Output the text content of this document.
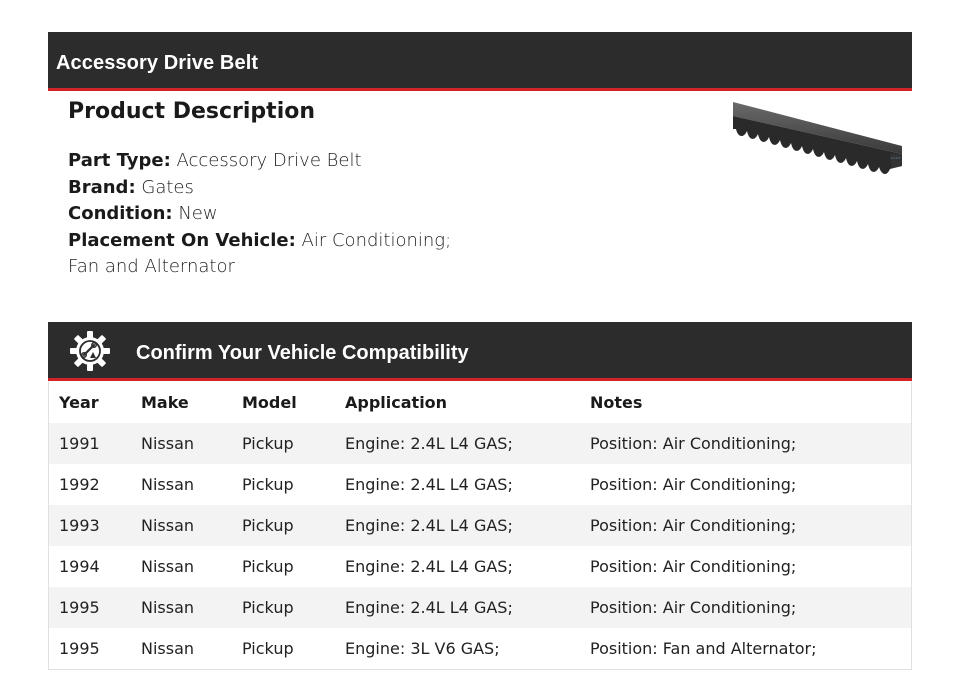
Accessory Drive Belt
Product Description
Part Type: Accessory Drive Belt
Brand: Gates
Condition: New
Placement On Vehicle: Air Conditioning;
Fan and Alternator
Confirm Your Vehicle Compatibility
Year	Make	Model	Application	Notes
1991	Nissan	Pickup	Engine: 2.4L L4 GAS;	Position: Air Conditioning;
1992	Nissan	Pickup	Engine: 2.4L L4 GAS;	Position: Air Conditioning;
1993	Nissan	Pickup	Engine: 2.4L L4 GAS;	Position: Air Conditioning;
1994	Nissan	Pickup	Engine: 2.4L L4 GAS;	Position: Air Conditioning;
1995	Nissan	Pickup	Engine: 2.4L L4 GAS;	Position: Air Conditioning;
1995	Nissan	Pickup	Engine: 3L V6 GAS;	Position: Fan and Alternator;
